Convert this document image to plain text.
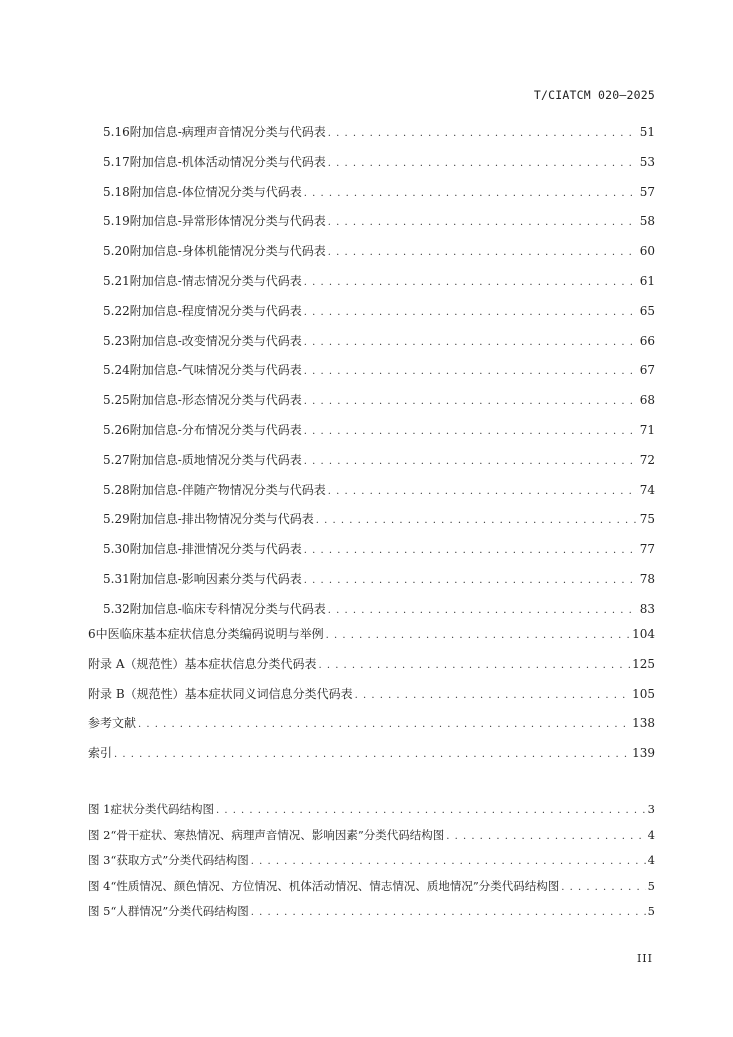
T/CIATCM 020—2025
5.16 附加信息-病理声音情况分类与代码表 . . .	51
5.17 附加信息-机体活动情况分类与代码表 . . .	53
5.18 附加信息-体位情况分类与代码表 . . .	57
5.19 附加信息-异常形体情况分类与代码表 . . .	58
5.20 附加信息-身体机能情况分类与代码表 . . .	60
5.21 附加信息-情志情况分类与代码表 . . .	61
5.22 附加信息-程度情况分类与代码表 . . .	65
5.23 附加信息-改变情况分类与代码表 . . .	66
5.24 附加信息-气味情况分类与代码表 . . .	67
5.25 附加信息-形态情况分类与代码表 . . .	68
5.26 附加信息-分布情况分类与代码表 . . .	71
5.27 附加信息-质地情况分类与代码表 . . .	72
5.28 附加信息-伴随产物情况分类与代码表 . . .	74
5.29 附加信息-排出物情况分类与代码表 . . .	75
5.30 附加信息-排泄情况分类与代码表 . . .	77
5.31 附加信息-影响因素分类与代码表 . . .	78
5.32 附加信息-临床专科情况分类与代码表 . . .	83
6 中医临床基本症状信息分类编码说明与举例 . . .	104
附录 A（规范性）基本症状信息分类代码表 . . .	125
附录 B（规范性）基本症状同义词信息分类代码表 . . .	105
参考文献 . . .	138
索引 . . .	139
图 1 症状分类代码结构图 . . .	3
图 2 “骨干症状、寒热情况、病理声音情况、影响因素”分类代码结构图 . . .	4
图 3 “获取方式”分类代码结构图 . . .	4
图 4 “性质情况、颜色情况、方位情况、机体活动情况、情志情况、质地情况”分类代码结构图 . . .	5
图 5 “人群情况”分类代码结构图 . . .	5
III
